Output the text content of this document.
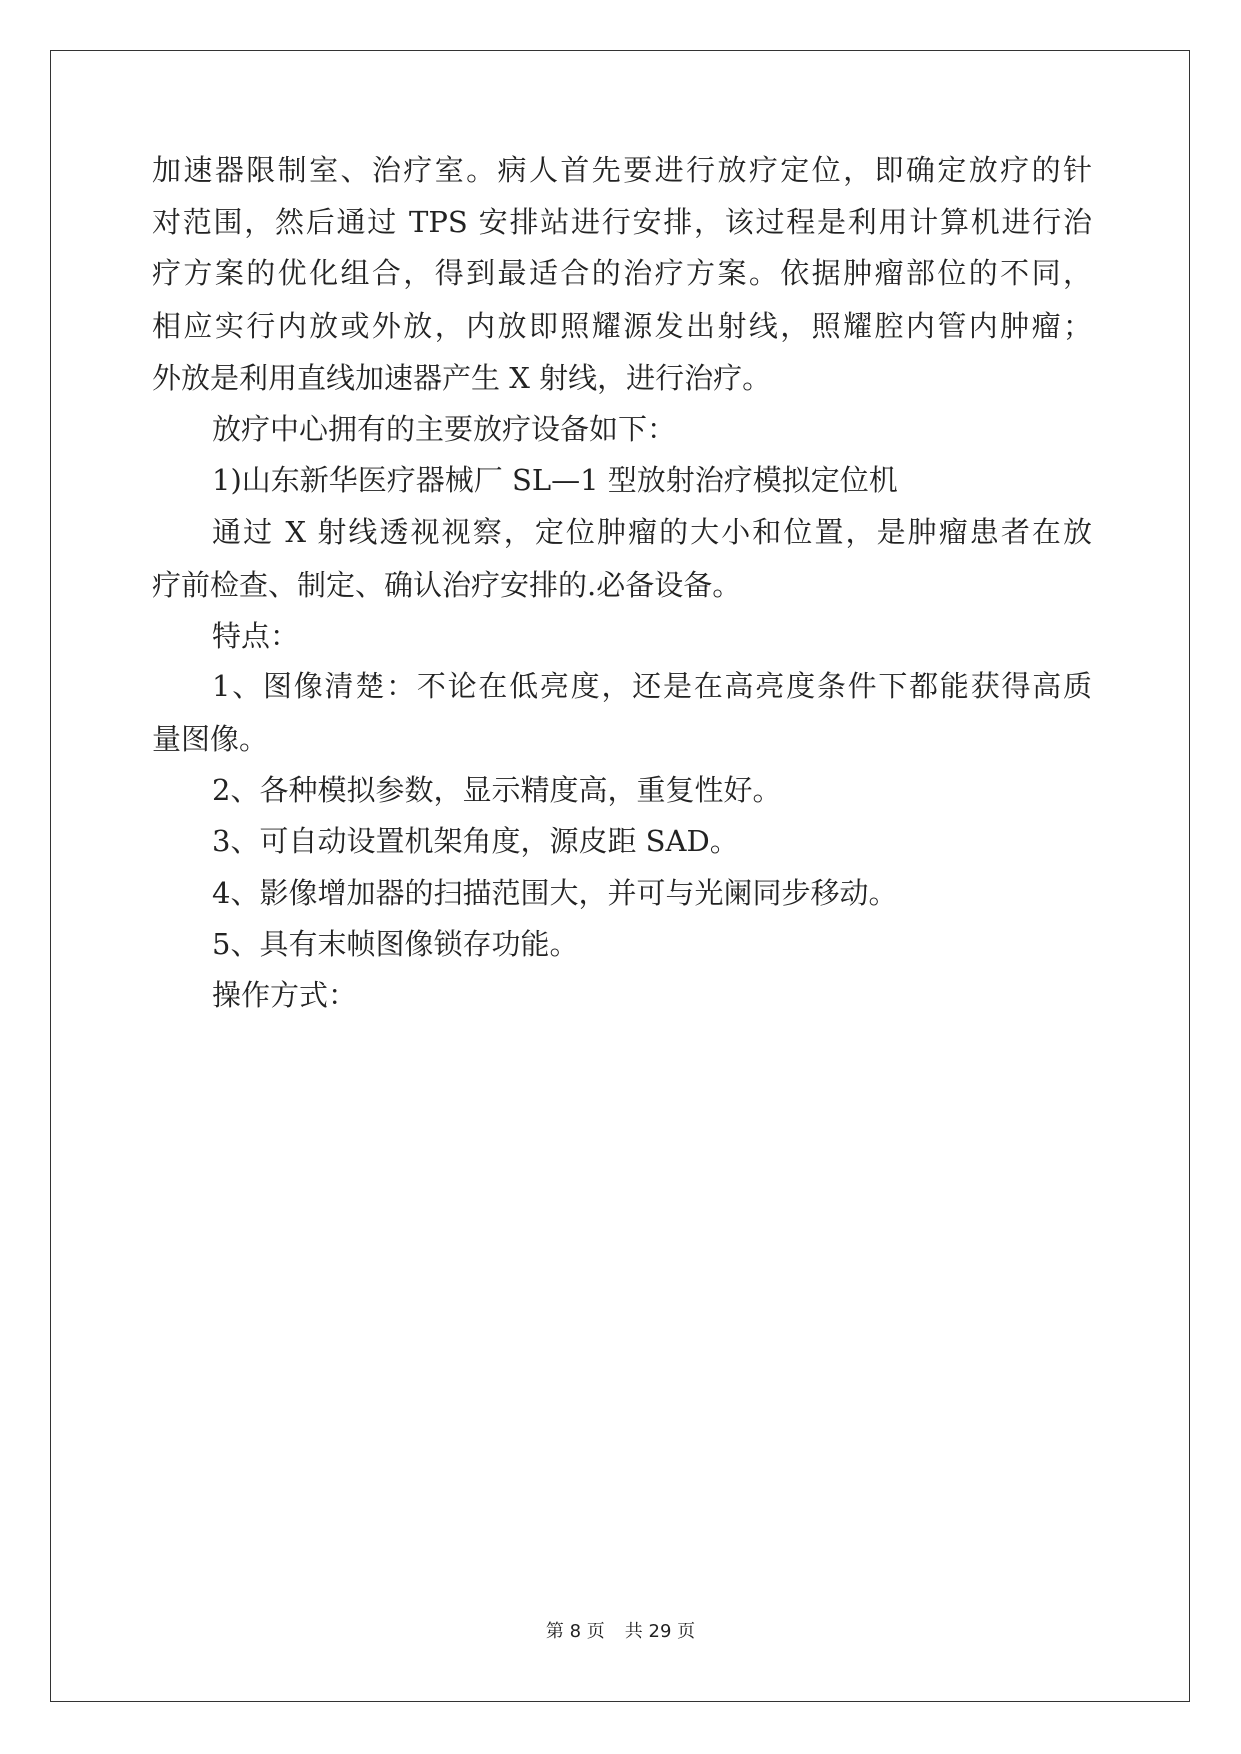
加速器限制室、治疗室。病人首先要进行放疗定位，即确定放疗的针

对范围，然后通过 TPS 安排站进行安排，该过程是利用计算机进行治

疗方案的优化组合，得到最适合的治疗方案。依据肿瘤部位的不同，

相应实行内放或外放，内放即照耀源发出射线，照耀腔内管内肿瘤；

外放是利用直线加速器产生 X 射线，进行治疗。

放疗中心拥有的主要放疗设备如下：

1)山东新华医疗器械厂 SL—1 型放射治疗模拟定位机

通过 X 射线透视视察，定位肿瘤的大小和位置，是肿瘤患者在放

疗前检查、制定、确认治疗安排的.必备设备。

特点：

1、图像清楚：不论在低亮度，还是在高亮度条件下都能获得高质

量图像。

2、各种模拟参数，显示精度高，重复性好。

3、可自动设置机架角度，源皮距 SAD。

4、影像增加器的扫描范围大，并可与光阑同步移动。

5、具有末帧图像锁存功能。

操作方式：

第 8 页 共 29 页
